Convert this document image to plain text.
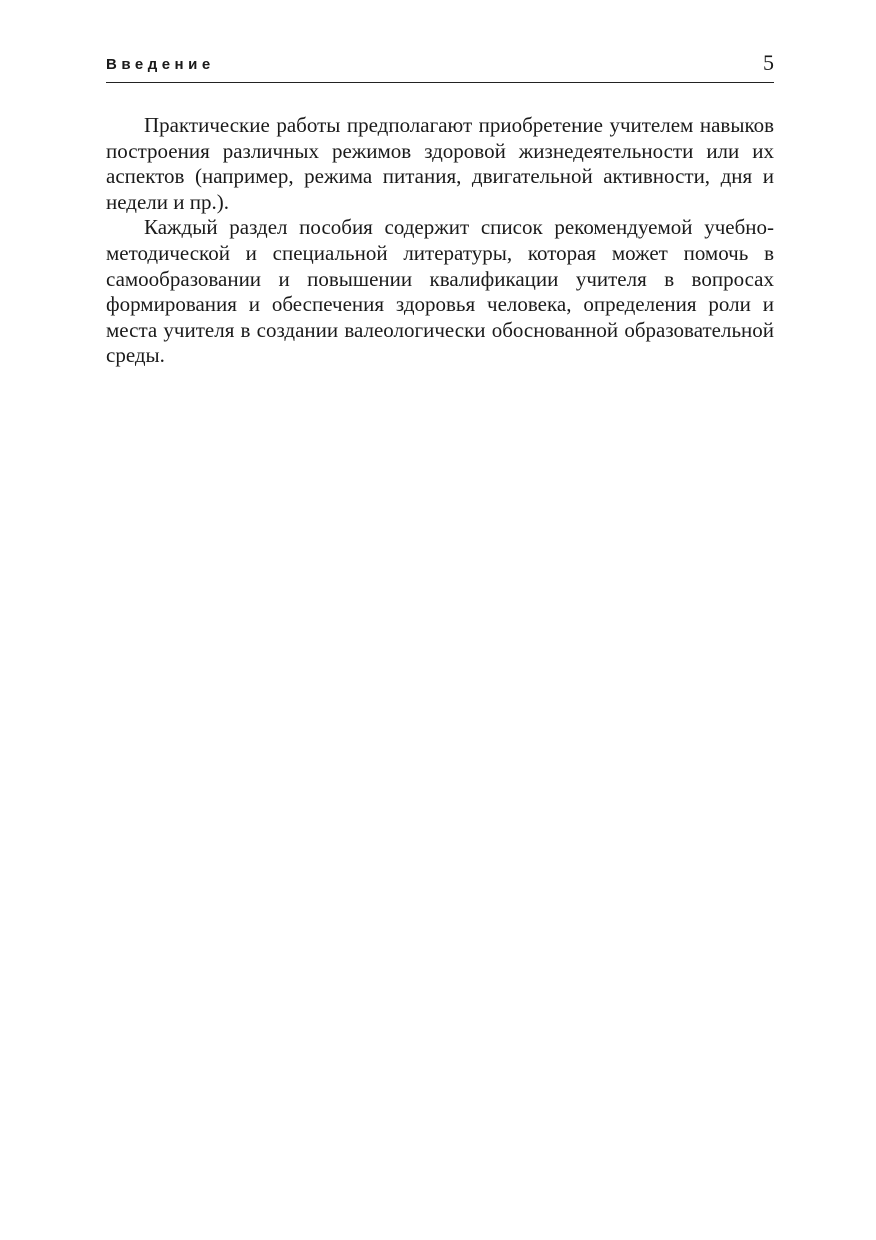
Введение	5

Практические работы предполагают приобретение учителем навыков построения различных режимов здоровой жизнедеятельности или их аспектов (например, режима питания, двигательной активности, дня и недели и пр.).

Каждый раздел пособия содержит список рекомендуемой учебно-методической и специальной литературы, которая может помочь в самообразовании и повышении квалификации учителя в вопросах формирования и обеспечения здоровья человека, определения роли и места учителя в создании валеологически обоснованной образовательной среды.
